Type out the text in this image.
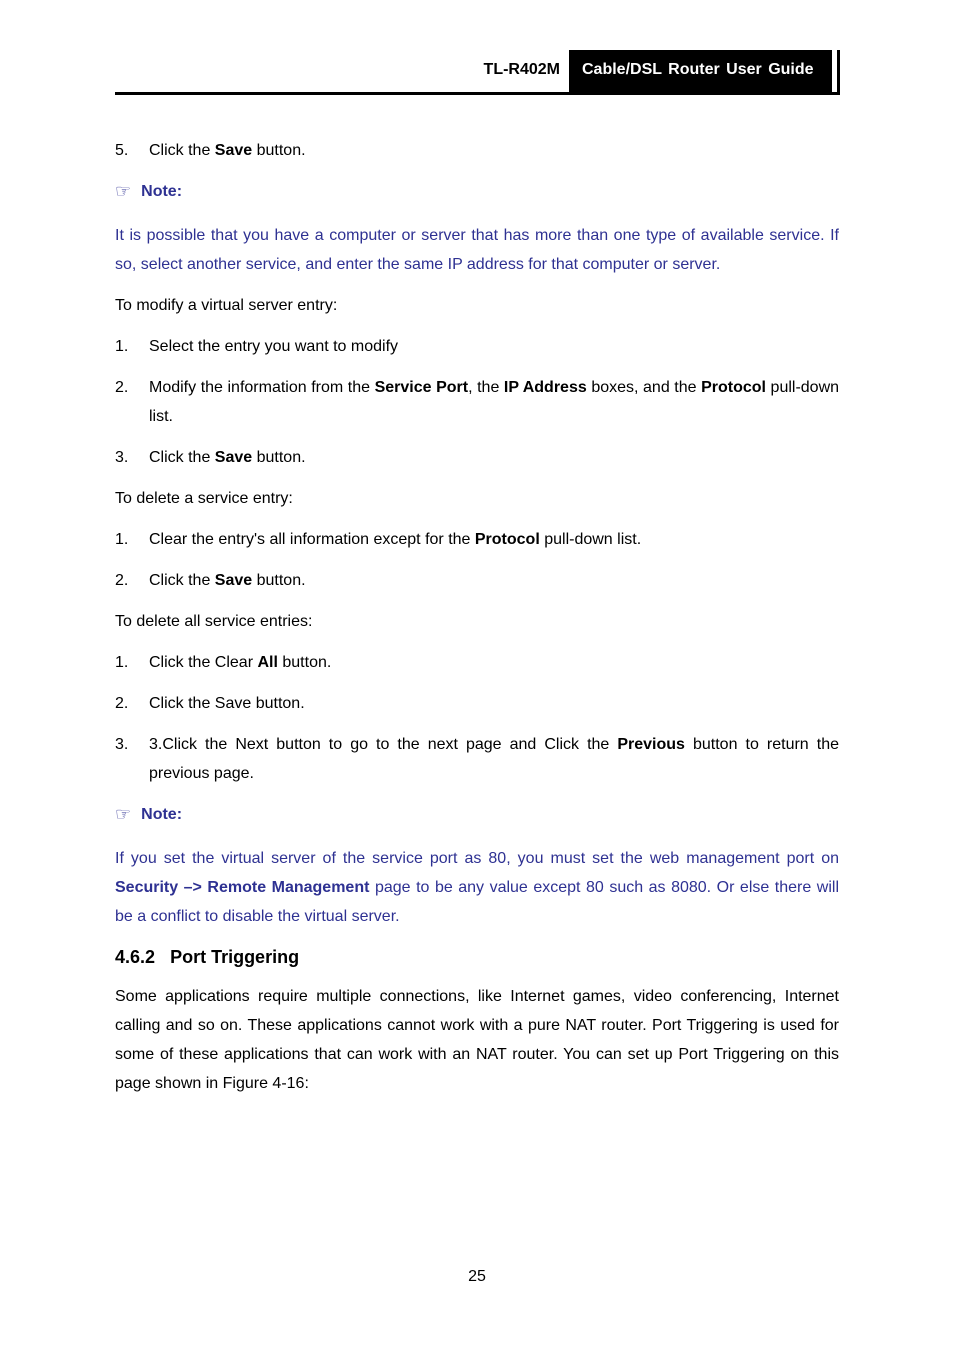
TL-R402M	Cable/DSL Router User Guide

5. Click the Save button.

☞ Note:

It is possible that you have a computer or server that has more than one type of available service. If so, select another service, and enter the same IP address for that computer or server.

To modify a virtual server entry:

1. Select the entry you want to modify

2. Modify the information from the Service Port, the IP Address boxes, and the Protocol pull-down list.

3. Click the Save button.

To delete a service entry:

1. Clear the entry's all information except for the Protocol pull-down list.

2. Click the Save button.

To delete all service entries:

1. Click the Clear All button.

2. Click the Save button.

3. 3.Click the Next button to go to the next page and Click the Previous button to return the previous page.

☞ Note:

If you set the virtual server of the service port as 80, you must set the web management port on Security –> Remote Management page to be any value except 80 such as 8080. Or else there will be a conflict to disable the virtual server.

4.6.2 Port Triggering

Some applications require multiple connections, like Internet games, video conferencing, Internet calling and so on. These applications cannot work with a pure NAT router. Port Triggering is used for some of these applications that can work with an NAT router. You can set up Port Triggering on this page shown in Figure 4-16:

25
